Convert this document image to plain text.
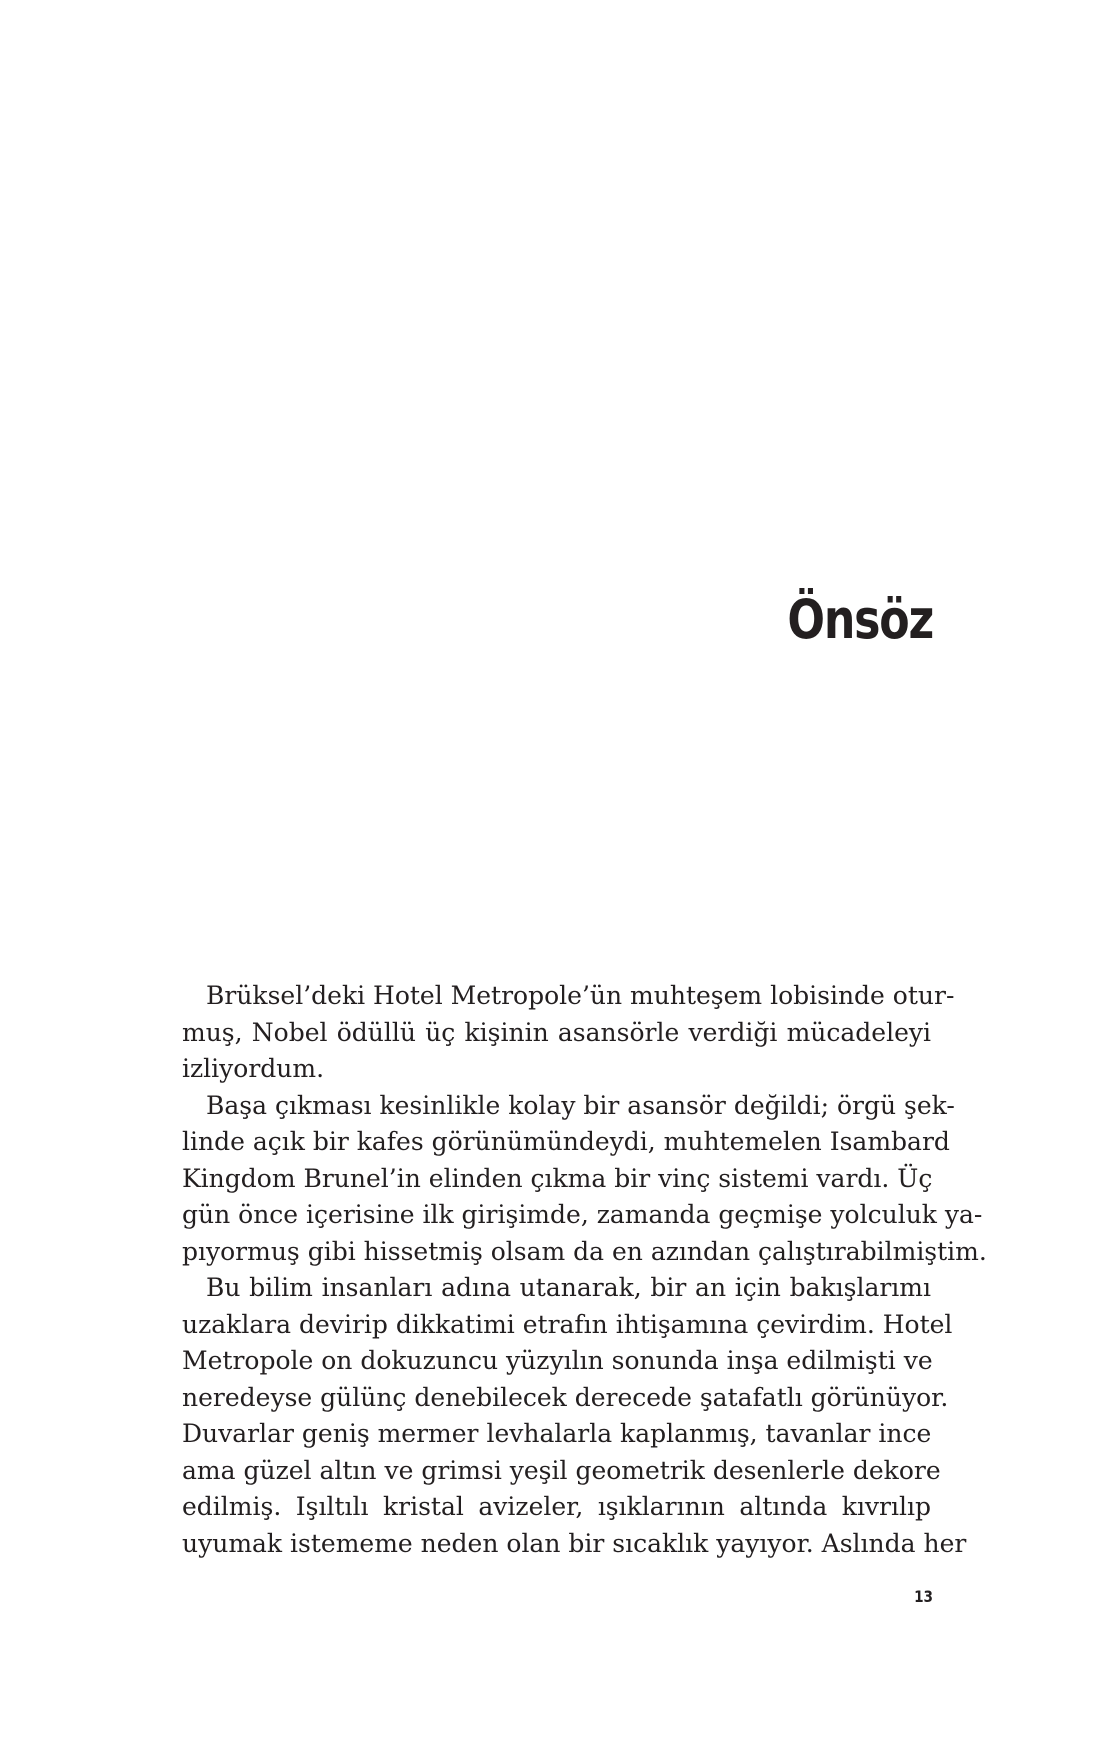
Önsöz
Brüksel’deki Hotel Metropole’ün muhteşem lobisinde otur-
muş, Nobel ödüllü üç kişinin asansörle verdiği mücadeleyi
izliyordum.
Başa çıkması kesinlikle kolay bir asansör değildi; örgü şek-
linde açık bir kafes görünümündeydi, muhtemelen Isambard
Kingdom Brunel’in elinden çıkma bir vinç sistemi vardı. Üç
gün önce içerisine ilk girişimde, zamanda geçmişe yolculuk ya-
pıyormuş gibi hissetmiş olsam da en azından çalıştırabilmiştim.
Bu bilim insanları adına utanarak, bir an için bakışlarımı
uzaklara devirip dikkatimi etrafın ihtişamına çevirdim. Hotel
Metropole on dokuzuncu yüzyılın sonunda inşa edilmişti ve
neredeyse gülünç denebilecek derecede şatafatlı görünüyor.
Duvarlar geniş mermer levhalarla kaplanmış, tavanlar ince
ama güzel altın ve grimsi yeşil geometrik desenlerle dekore
edilmiş. Işıltılı kristal avizeler, ışıklarının altında kıvrılıp
uyumak istememe neden olan bir sıcaklık yayıyor. Aslında her
13
